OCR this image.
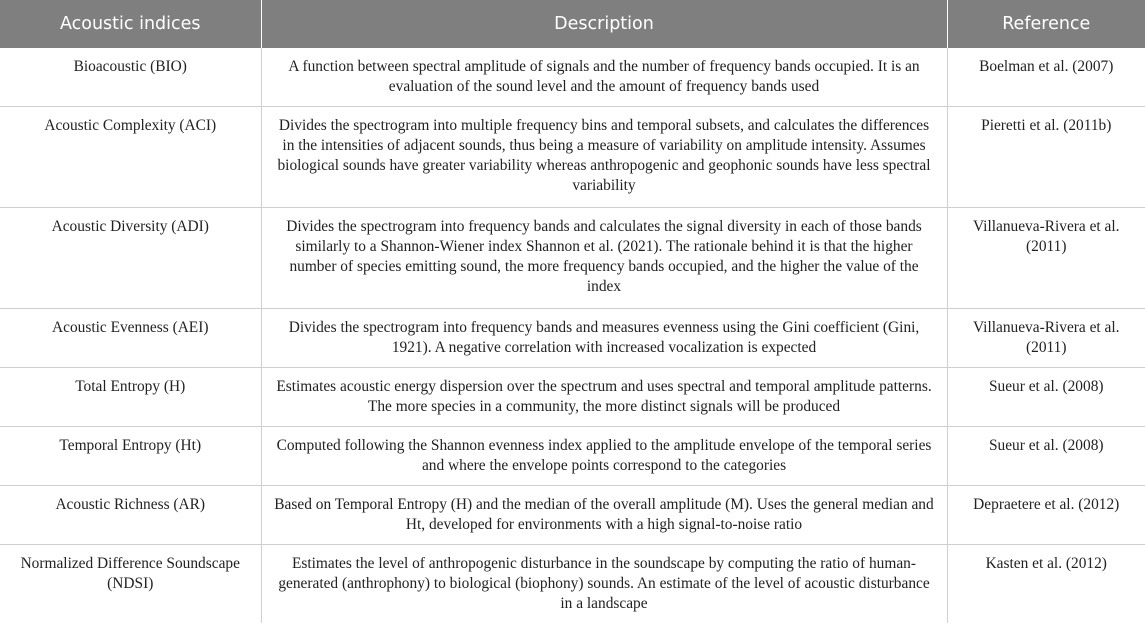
Acoustic indices	Description	Reference
Bioacoustic (BIO)	A function between spectral amplitude of signals and the number of frequency bands occupied. It is an evaluation of the sound level and the amount of frequency bands used	Boelman et al. (2007)
Acoustic Complexity (ACI)	Divides the spectrogram into multiple frequency bins and temporal subsets, and calculates the differences in the intensities of adjacent sounds, thus being a measure of variability on amplitude intensity. Assumes biological sounds have greater variability whereas anthropogenic and geophonic sounds have less spectral variability	Pieretti et al. (2011b)
Acoustic Diversity (ADI)	Divides the spectrogram into frequency bands and calculates the signal diversity in each of those bands similarly to a Shannon-Wiener index Shannon et al. (2021). The rationale behind it is that the higher number of species emitting sound, the more frequency bands occupied, and the higher the value of the index	Villanueva-Rivera et al. (2011)
Acoustic Evenness (AEI)	Divides the spectrogram into frequency bands and measures evenness using the Gini coefficient (Gini, 1921). A negative correlation with increased vocalization is expected	Villanueva-Rivera et al. (2011)
Total Entropy (H)	Estimates acoustic energy dispersion over the spectrum and uses spectral and temporal amplitude patterns. The more species in a community, the more distinct signals will be produced	Sueur et al. (2008)
Temporal Entropy (Ht)	Computed following the Shannon evenness index applied to the amplitude envelope of the temporal series and where the envelope points correspond to the categories	Sueur et al. (2008)
Acoustic Richness (AR)	Based on Temporal Entropy (H) and the median of the overall amplitude (M). Uses the general median and Ht, developed for environments with a high signal-to-noise ratio	Depraetere et al. (2012)
Normalized Difference Soundscape (NDSI)	Estimates the level of anthropogenic disturbance in the soundscape by computing the ratio of human-generated (anthrophony) to biological (biophony) sounds. An estimate of the level of acoustic disturbance in a landscape	Kasten et al. (2012)
